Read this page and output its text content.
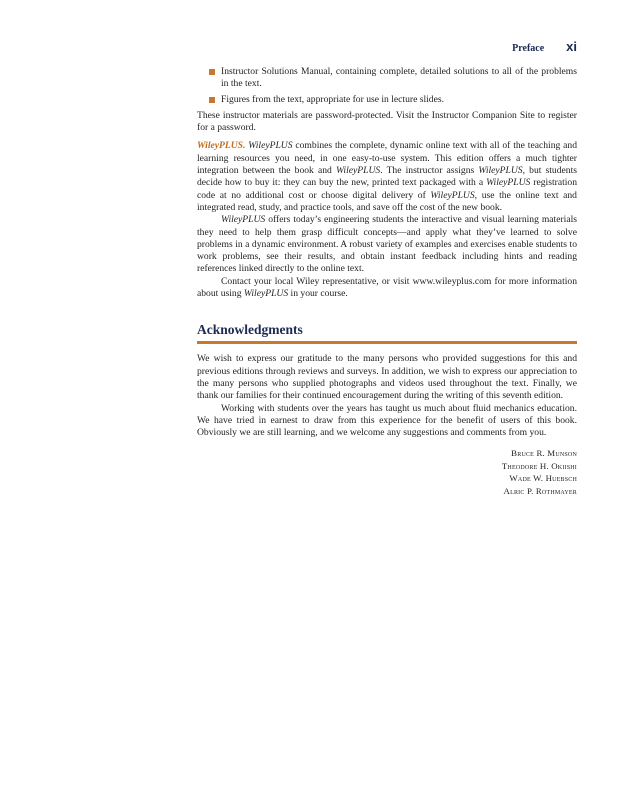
Preface xi
Instructor Solutions Manual, containing complete, detailed solutions to all of the problems in the text.
Figures from the text, appropriate for use in lecture slides.

These instructor materials are password-protected. Visit the Instructor Companion Site to register for a password.

WileyPLUS. WileyPLUS combines the complete, dynamic online text with all of the teaching and learning resources you need, in one easy-to-use system. This edition offers a much tighter integration between the book and WileyPLUS. The instructor assigns WileyPLUS, but students decide how to buy it: they can buy the new, printed text packaged with a WileyPLUS registration code at no additional cost or choose digital delivery of WileyPLUS, use the online text and integrated read, study, and practice tools, and save off the cost of the new book.

WileyPLUS offers today’s engineering students the interactive and visual learning materials they need to help them grasp difficult concepts—and apply what they’ve learned to solve problems in a dynamic environment. A robust variety of examples and exercises enable students to work problems, see their results, and obtain instant feedback including hints and reading references linked directly to the online text.

Contact your local Wiley representative, or visit www.wileyplus.com for more information about using WileyPLUS in your course.

Acknowledgments

We wish to express our gratitude to the many persons who provided suggestions for this and previous editions through reviews and surveys. In addition, we wish to express our appreciation to the many persons who supplied photographs and videos used throughout the text. Finally, we thank our families for their continued encouragement during the writing of this seventh edition.

Working with students over the years has taught us much about fluid mechanics education. We have tried in earnest to draw from this experience for the benefit of users of this book. Obviously we are still learning, and we welcome any suggestions and comments from you.

Bruce R. Munson
Theodore H. Okiishi
Wade W. Huebsch
Alric P. Rothmayer
